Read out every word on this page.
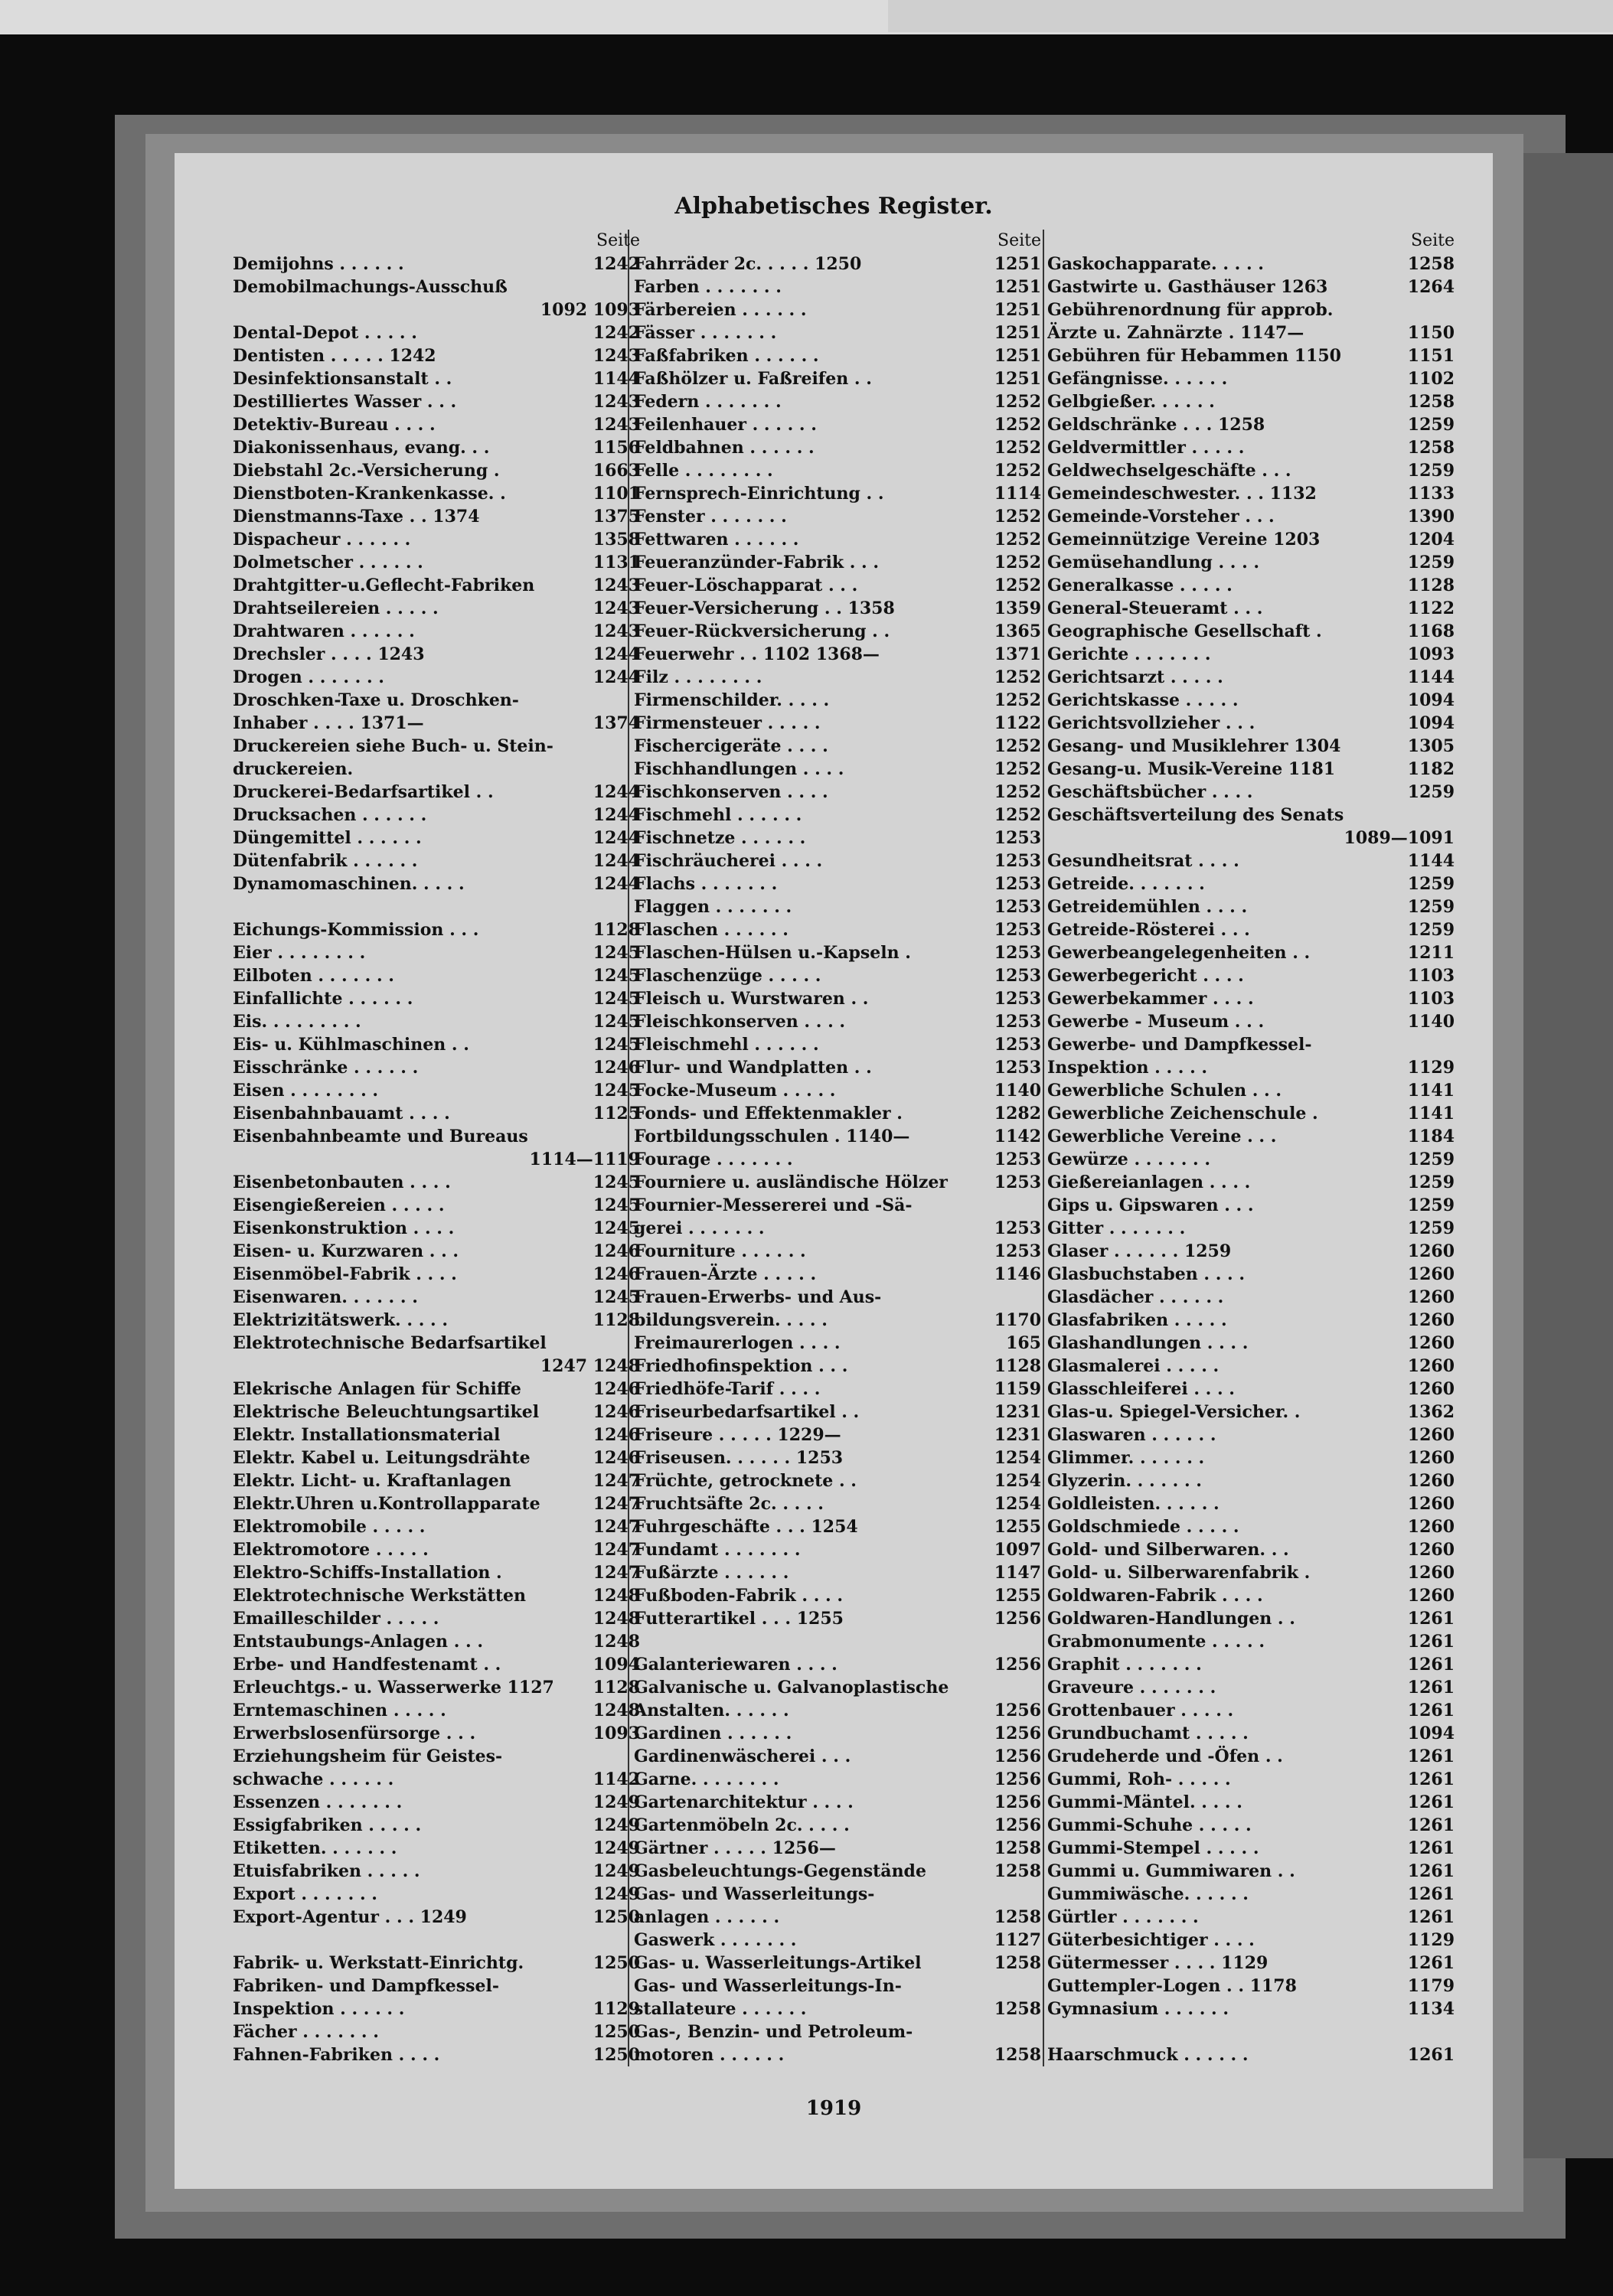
Alphabetisches Register.
Seite
Demijohns . . . . . .	1242
Demobilmachungs-Ausschuß
1092 1093
Dental-Depot . . . . .	1242
Dentisten . . . . . 1242	1243
Desinfektionsanstalt . .	1144
Destilliertes Wasser . . .	1243
Detektiv-Bureau . . . .	1243
Diakonissenhaus, evang. . .	1156
Diebstahl 2c.-Versicherung .	1663
Dienstboten-Krankenkasse. .	1101
Dienstmanns-Taxe . . 1374	1375
Dispacheur . . . . . .	1358
Dolmetscher . . . . . .	1131
Drahtgitter-u.Geflecht-Fabriken	1243
Drahtseilereien . . . . .	1243
Drahtwaren . . . . . .	1243
Drechsler . . . . 1243	1244
Drogen . . . . . . .	1244
Droschken-Taxe u. Droschken-
Inhaber . . . . 1371—	1374
Druckereien siehe Buch- u. Stein-
druckereien.
Druckerei-Bedarfsartikel . .	1244
Drucksachen . . . . . .	1244
Düngemittel . . . . . .	1244
Dütenfabrik . . . . . .	1244
Dynamomaschinen. . . . .	1244
Eichungs-Kommission . . .	1128
Eier . . . . . . . .	1245
Eilboten . . . . . . .	1245
Einfallichte . . . . . .	1245
Eis. . . . . . . . .	1245
Eis- u. Kühlmaschinen . .	1245
Eisschränke . . . . . .	1246
Eisen . . . . . . . .	1245
Eisenbahnbauamt . . . .	1125
Eisenbahnbeamte und Bureaus
1114—1119
Eisenbetonbauten . . . .	1245
Eisengießereien . . . . .	1245
Eisenkonstruktion . . . .	1245
Eisen- u. Kurzwaren . . .	1246
Eisenmöbel-Fabrik . . . .	1246
Eisenwaren. . . . . . .	1245
Elektrizitätswerk. . . . .	1128
Elektrotechnische Bedarfsartikel
1247 1248
Elekrische Anlagen für Schiffe	1246
Elektrische Beleuchtungsartikel	1246
Elektr. Installationsmaterial	1246
Elektr. Kabel u. Leitungsdrähte	1246
Elektr. Licht- u. Kraftanlagen	1247
Elektr.Uhren u.Kontrollapparate	1247
Elektromobile . . . . .	1247
Elektromotore . . . . .	1247
Elektro-Schiffs-Installation .	1247
Elektrotechnische Werkstätten	1248
Emailleschilder . . . . .	1248
Entstaubungs-Anlagen . . .	1248
Erbe- und Handfestenamt . .	1094
Erleuchtgs.- u. Wasserwerke 1127	1128
Erntemaschinen . . . . .	1248
Erwerbslosenfürsorge . . .	1093
Erziehungsheim für Geistes-
schwache . . . . . .	1142
Essenzen . . . . . . .	1249
Essigfabriken . . . . .	1249
Etiketten. . . . . . .	1249
Etuisfabriken . . . . .	1249
Export . . . . . . .	1249
Export-Agentur . . . 1249	1250
Fabrik- u. Werkstatt-Einrichtg.	1250
Fabriken- und Dampfkessel-
Inspektion . . . . . .	1129
Fächer . . . . . . .	1250
Fahnen-Fabriken . . . .	1250
Seite
Fahrräder 2c. . . . . 1250	1251
Farben . . . . . . .	1251
Färbereien . . . . . .	1251
Fässer . . . . . . .	1251
Faßfabriken . . . . . .	1251
Faßhölzer u. Faßreifen . .	1251
Federn . . . . . . .	1252
Feilenhauer . . . . . .	1252
Feldbahnen . . . . . .	1252
Felle . . . . . . . .	1252
Fernsprech-Einrichtung . .	1114
Fenster . . . . . . .	1252
Fettwaren . . . . . .	1252
Feueranzünder-Fabrik . . .	1252
Feuer-Löschapparat . . .	1252
Feuer-Versicherung . . 1358	1359
Feuer-Rückversicherung . .	1365
Feuerwehr . . 1102 1368—	1371
Filz . . . . . . . .	1252
Firmenschilder. . . . .	1252
Firmensteuer . . . . .	1122
Fischercigeräte . . . .	1252
Fischhandlungen . . . .	1252
Fischkonserven . . . .	1252
Fischmehl . . . . . .	1252
Fischnetze . . . . . .	1253
Fischräucherei . . . .	1253
Flachs . . . . . . .	1253
Flaggen . . . . . . .	1253
Flaschen . . . . . .	1253
Flaschen-Hülsen u.-Kapseln .	1253
Flaschenzüge . . . . .	1253
Fleisch u. Wurstwaren . .	1253
Fleischkonserven . . . .	1253
Fleischmehl . . . . . .	1253
Flur- und Wandplatten . .	1253
Focke-Museum . . . . .	1140
Fonds- und Effektenmakler .	1282
Fortbildungsschulen . 1140—	1142
Fourage . . . . . . .	1253
Fourniere u. ausländische Hölzer	1253
Fournier-Messererei und -Sä-
gerei . . . . . . .	1253
Fourniture . . . . . .	1253
Frauen-Ärzte . . . . .	1146
Frauen-Erwerbs- und Aus-
bildungsverein. . . . .	1170
Freimaurerlogen . . . .	165
Friedhofinspektion . . .	1128
Friedhöfe-Tarif . . . .	1159
Friseurbedarfsartikel . .	1231
Friseure . . . . . 1229—	1231
Friseusen. . . . . . 1253	1254
Früchte, getrocknete . .	1254
Fruchtsäfte 2c. . . . .	1254
Fuhrgeschäfte . . . 1254	1255
Fundamt . . . . . . .	1097
Fußärzte . . . . . .	1147
Fußboden-Fabrik . . . .	1255
Futterartikel . . . 1255	1256
Galanteriewaren . . . .	1256
Galvanische u. Galvanoplastische
Anstalten. . . . . .	1256
Gardinen . . . . . .	1256
Gardinenwäscherei . . .	1256
Garne. . . . . . . .	1256
Gartenarchitektur . . . .	1256
Gartenmöbeln 2c. . . . .	1256
Gärtner . . . . . 1256—	1258
Gasbeleuchtungs-Gegenstände	1258
Gas- und Wasserleitungs-
anlagen . . . . . .	1258
Gaswerk . . . . . . .	1127
Gas- u. Wasserleitungs-Artikel	1258
Gas- und Wasserleitungs-In-
stallateure . . . . . .	1258
Gas-, Benzin- und Petroleum-
motoren . . . . . .	1258
Seite
Gaskochapparate. . . . .	1258
Gastwirte u. Gasthäuser 1263	1264
Gebührenordnung für approb.
Ärzte u. Zahnärzte . 1147—	1150
Gebühren für Hebammen 1150	1151
Gefängnisse. . . . . .	1102
Gelbgießer. . . . . .	1258
Geldschränke . . . 1258	1259
Geldvermittler . . . . .	1258
Geldwechselgeschäfte . . .	1259
Gemeindeschwester. . . 1132	1133
Gemeinde-Vorsteher . . .	1390
Gemeinnützige Vereine 1203	1204
Gemüsehandlung . . . .	1259
Generalkasse . . . . .	1128
General-Steueramt . . .	1122
Geographische Gesellschaft .	1168
Gerichte . . . . . . .	1093
Gerichtsarzt . . . . .	1144
Gerichtskasse . . . . .	1094
Gerichtsvollzieher . . .	1094
Gesang- und Musiklehrer 1304	1305
Gesang-u. Musik-Vereine 1181	1182
Geschäftsbücher . . . .	1259
Geschäftsverteilung des Senats
1089—1091
Gesundheitsrat . . . .	1144
Getreide. . . . . . .	1259
Getreidemühlen . . . .	1259
Getreide-Rösterei . . .	1259
Gewerbeangelegenheiten . .	1211
Gewerbegericht . . . .	1103
Gewerbekammer . . . .	1103
Gewerbe - Museum . . .	1140
Gewerbe- und Dampfkessel-
Inspektion . . . . .	1129
Gewerbliche Schulen . . .	1141
Gewerbliche Zeichenschule .	1141
Gewerbliche Vereine . . .	1184
Gewürze . . . . . . .	1259
Gießereianlagen . . . .	1259
Gips u. Gipswaren . . .	1259
Gitter . . . . . . .	1259
Glaser . . . . . . 1259	1260
Glasbuchstaben . . . .	1260
Glasdächer . . . . . .	1260
Glasfabriken . . . . .	1260
Glashandlungen . . . .	1260
Glasmalerei . . . . .	1260
Glasschleiferei . . . .	1260
Glas-u. Spiegel-Versicher. .	1362
Glaswaren . . . . . .	1260
Glimmer. . . . . . .	1260
Glyzerin. . . . . . .	1260
Goldleisten. . . . . .	1260
Goldschmiede . . . . .	1260
Gold- und Silberwaren. . .	1260
Gold- u. Silberwarenfabrik .	1260
Goldwaren-Fabrik . . . .	1260
Goldwaren-Handlungen . .	1261
Grabmonumente . . . . .	1261
Graphit . . . . . . .	1261
Graveure . . . . . . .	1261
Grottenbauer . . . . .	1261
Grundbuchamt . . . . .	1094
Grudeherde und -Öfen . .	1261
Gummi, Roh- . . . . .	1261
Gummi-Mäntel. . . . .	1261
Gummi-Schuhe . . . . .	1261
Gummi-Stempel . . . . .	1261
Gummi u. Gummiwaren . .	1261
Gummiwäsche. . . . . .	1261
Gürtler . . . . . . .	1261
Güterbesichtiger . . . .	1129
Gütermesser . . . . 1129	1261
Guttempler-Logen . . 1178	1179
Gymnasium . . . . . .	1134
Haarschmuck . . . . . .	1261
1919
